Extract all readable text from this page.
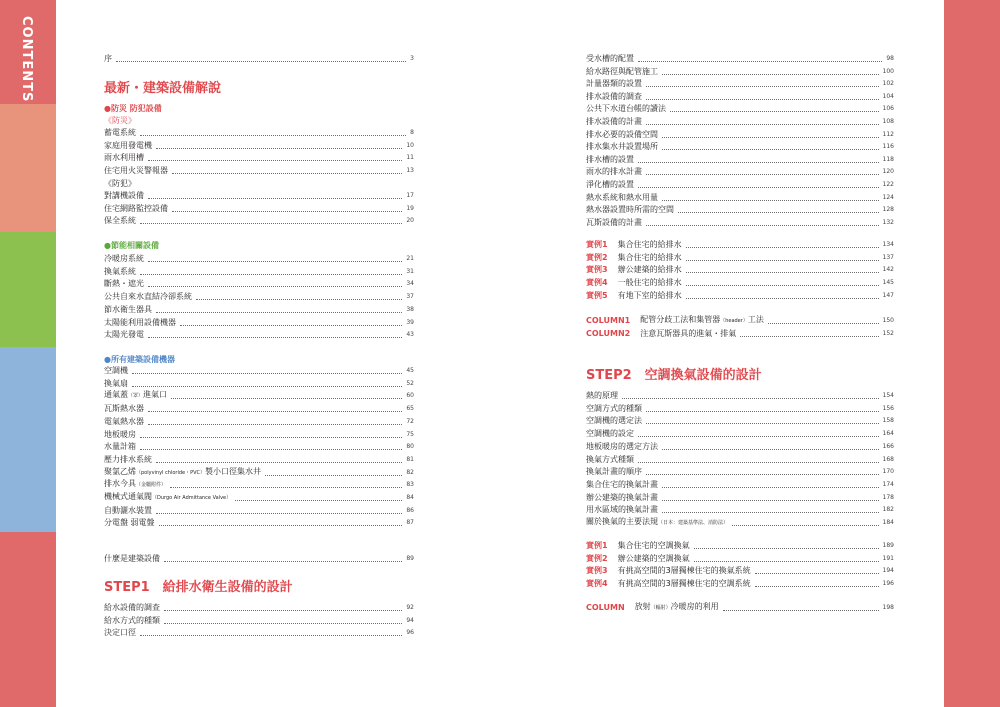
CONTENTS	序	3
最新・建築設備解說
●防災 防犯設備
《防災》
蓄電系統	8
家庭用發電機	10
雨水利用槽	11
住宅用火災警報器	13
《防犯》
對講機設備	17
住宅網路監控設備	19
保全系統	20
●節能相關設備
冷暖房系統	21
換氣系統	31
斷熱・遮光	34
公共自來水直結冷卻系統	37
節水衛生器具	38
太陽能利用設備機器	39
太陽光發電	43
●所有建築設備機器
空調機	45
換氣扇	52
通氣蓋（罩）進氣口	60
瓦斯熱水器	65
電氣熱水器	72
地板暖房	75
水量計箱	80
壓力排水系統	81
聚氯乙烯（polyvinyl chloride・PVC）製小口徑集水井	82
排水今具（金屬附件）	83
機械式通氣閥（Durgo Air Admittance Valve）	84
自動灑水裝置	86
分電盤 弱電盤	87
什麼是建築設備	89
STEP1　給排水衛生設備的設計
給水設備的調查	92
給水方式的種類	94
決定口徑	96
受水槽的配置	98
給水路徑與配管施工	100
計量器類的設置	102
排水設備的調查	104
公共下水道台帳的讀法	106
排水設備的計畫	108
排水必要的設備空間	112
排水集水井設置場所	116
排水槽的設置	118
雨水的排水計畫	120
淨化槽的設置	122
熱水系統和熱水用量	124
熱水器設置時所需的空間	128
瓦斯設備的計畫	132
實例1 集合住宅的給排水	134
實例2 集合住宅的給排水	137
實例3 辦公建築的給排水	142
實例4 一般住宅的給排水	145
實例5 有地下室的給排水	147
COLUMN1 配管分歧工法和集管器（header）工法	150
COLUMN2 注意瓦斯器具的進氣・排氣	152
STEP2　空調換氣設備的設計
熱的原理	154
空調方式的種類	156
空調機的選定法	158
空調機的設定	164
地板暖房的選定方法	166
換氣方式種類	168
換氣計畫的順序	170
集合住宅的換氣計畫	174
辦公建築的換氣計畫	178
用水區域的換氣計畫	182
關於換氣的主要法規（日本：建築基準法、消防法）	184
實例1 集合住宅的空調換氣	189
實例2 辦公建築的空調換氣	191
實例3 有挑高空間的3層獨棟住宅的換氣系統	194
實例4 有挑高空間的3層獨棟住宅的空調系統	196
COLUMN 放射（輻射）冷暖房的利用	198
